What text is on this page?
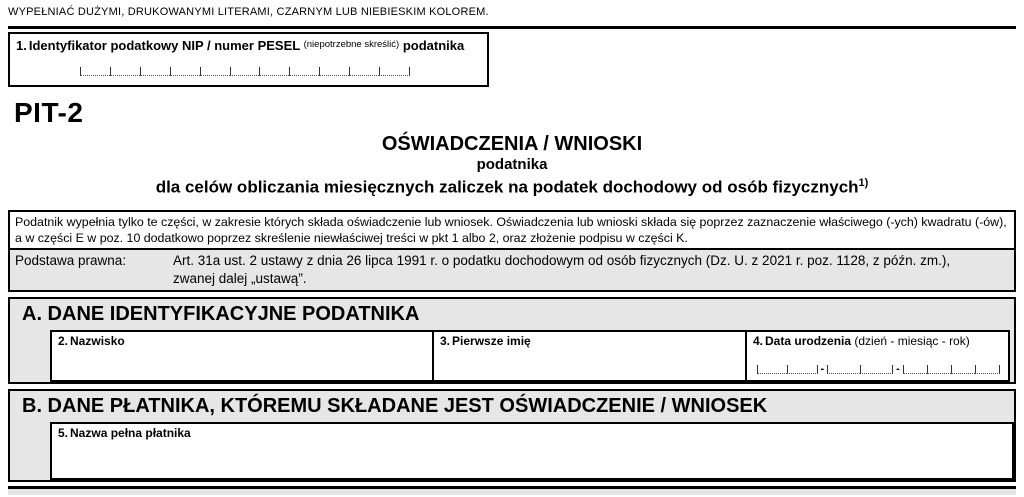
WYPEŁNIAĆ DUŻYMI, DRUKOWANYMI LITERAMI, CZARNYM LUB NIEBIESKIM KOLOREM.
1. Identyfikator podatkowy NIP / numer PESEL $^{(niepotrzebne skreślić)}$ podatnika
PIT-2
OŚWIADCZENIA / WNIOSKI
podatnika
dla celów obliczania miesięcznych zaliczek na podatek dochodowy od osób fizycznych$^{1)}$
Podatnik wypełnia tylko te części, w zakresie których składa oświadczenie lub wniosek. Oświadczenia lub wnioski składa się poprzez zaznaczenie właściwego (-ych) kwadratu (-ów),
a w części E w poz. 10 dodatkowo poprzez skreślenie niewłaściwej treści w pkt 1 albo 2, oraz złożenie podpisu w części K.
Podstawa prawna:	Art. 31a ust. 2 ustawy z dnia 26 lipca 1991 r. o podatku dochodowym od osób fizycznych (Dz. U. z 2021 r. poz. 1128, z późn. zm.),
zwanej dalej „ustawą”.
A. DANE IDENTYFIKACYJNE PODATNIKA
2. Nazwisko	3. Pierwsze imię	4. Data urodzenia (dzień - miesiąc - rok)
-	-
B. DANE PŁATNIKA, KTÓREMU SKŁADANE JEST OŚWIADCZENIE / WNIOSEK
5. Nazwa pełna płatnika
